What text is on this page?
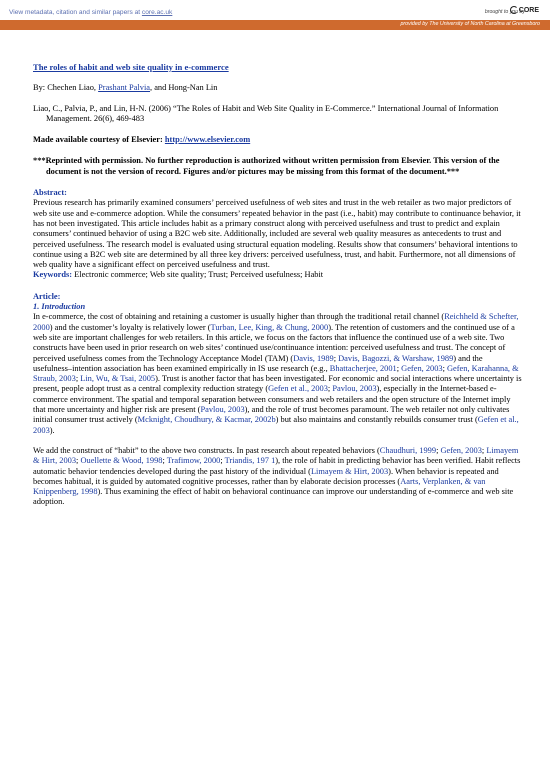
View metadata, citation and similar papers at core.ac.uk	brought to you by
CORE
provided by The University of North Carolina at Greensboro

The roles of habit and web site quality in e-commerce

By: Chechen Liao, Prashant Palvia, and Hong-Nan Lin

Liao, C., Palvia, P., and Lin, H-N. (2006) “The Roles of Habit and Web Site Quality in E-Commerce.” International Journal of Information Management. 26(6), 469-483

Made available courtesy of Elsevier: http://www.elsevier.com

***Reprinted with permission. No further reproduction is authorized without written permission from Elsevier. This version of the document is not the version of record. Figures and/or pictures may be missing from this format of the document.***

Abstract:

Previous research has primarily examined consumers’ perceived usefulness of web sites and trust in the web retailer as two major predictors of web site use and e-commerce adoption. While the consumers’ repeated behavior in the past (i.e., habit) may contribute to continuance behavior, it has not been investigated. This article includes habit as a primary construct along with perceived usefulness and trust to predict and explain consumers’ continued behavior of using a B2C web site. Additionally, included are several web quality measures as antecedents to trust and perceived usefulness. The research model is evaluated using structural equation modeling. Results show that consumers’ behavioral intentions to continue using a B2C web site are determined by all three key drivers: perceived usefulness, trust, and habit. Furthermore, not all dimensions of web quality have a significant effect on perceived usefulness and trust.

Keywords: Electronic commerce; Web site quality; Trust; Perceived usefulness; Habit

Article:

1. Introduction

In e-commerce, the cost of obtaining and retaining a customer is usually higher than through the traditional retail channel (Reichheld & Schefter, 2000) and the customer’s loyalty is relatively lower (Turban, Lee, King, & Chung, 2000). The retention of customers and the continued use of a web site are important challenges for web retailers. In this article, we focus on the factors that influence the continued use of a web site. Two constructs have been used in prior research on web sites’ continued use/continuance intention: perceived usefulness and trust. The concept of perceived usefulness comes from the Technology Acceptance Model (TAM) (Davis, 1989; Davis, Bagozzi, & Warshaw, 1989) and the usefulness–intention association has been examined empirically in IS use research (e.g., Bhattacherjee, 2001; Gefen, 2003; Gefen, Karahanna, & Straub, 2003; Lin, Wu, & Tsai, 2005). Trust is another factor that has been investigated. For economic and social interactions where uncertainty is present, people adopt trust as a central complexity reduction strategy (Gefen et al., 2003; Pavlou, 2003), especially in the Internet-based e-commerce environment. The spatial and temporal separation between consumers and web retailers and the open structure of the Internet imply that more uncertainty and higher risk are present (Pavlou, 2003), and the role of trust becomes paramount. The web retailer not only cultivates initial consumer trust actively (Mcknight, Choudhury, & Kacmar, 2002b) but also maintains and constantly rebuilds consumer trust (Gefen et al., 2003).

We add the construct of “habit” to the above two constructs. In past research about repeated behaviors (Chaudhuri, 1999; Gefen, 2003; Limayem & Hirt, 2003; Ouellette & Wood, 1998; Trafimow, 2000; Triandis, 197 1), the role of habit in predicting behavior has been verified. Habit reflects automatic behavior tendencies developed during the past history of the individual (Limayem & Hirt, 2003). When behavior is repeated and becomes habitual, it is guided by automated cognitive processes, rather than by elaborate decision processes (Aarts, Verplanken, & van Knippenberg, 1998). Thus examining the effect of habit on behavioral continuance can improve our understanding of e-commerce and web site adoption.
